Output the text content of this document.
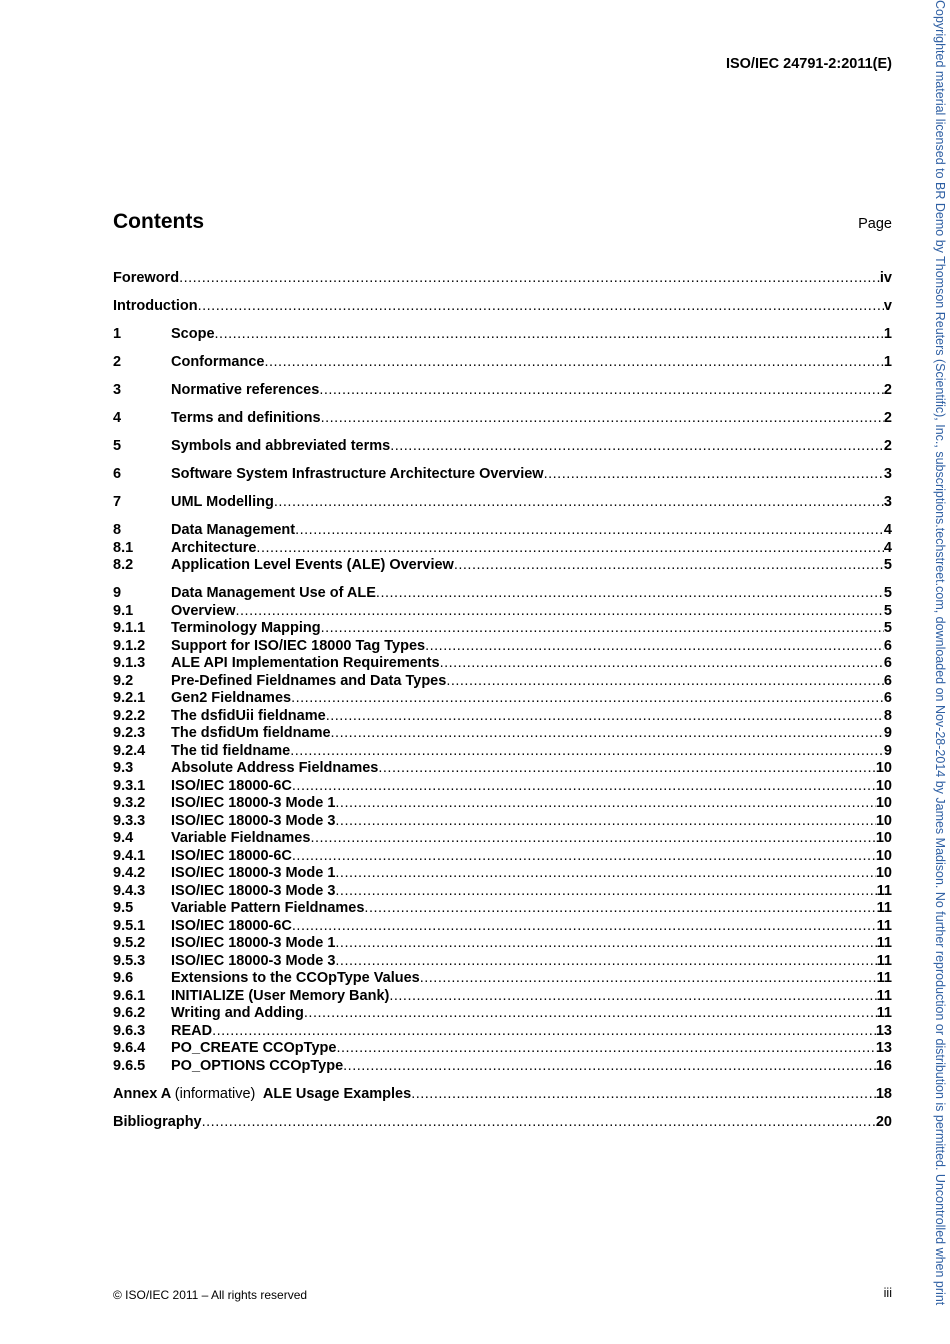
ISO/IEC 24791-2:2011(E)
Contents	Page
Foreword .....	iv
Introduction .....	v
1	Scope .....	1
2	Conformance .....	1
3	Normative references .....	2
4	Terms and definitions .....	2
5	Symbols and abbreviated terms .....	2
6	Software System Infrastructure Architecture Overview .....	3
7	UML Modelling .....	3
8	Data Management .....	4
8.1	Architecture .....	4
8.2	Application Level Events (ALE) Overview .....	5
9	Data Management Use of ALE .....	5
9.1	Overview .....	5
9.1.1	Terminology Mapping .....	5
9.1.2	Support for ISO/IEC 18000 Tag Types .....	6
9.1.3	ALE API Implementation Requirements .....	6
9.2	Pre-Defined Fieldnames and Data Types .....	6
9.2.1	Gen2 Fieldnames .....	6
9.2.2	The dsfidUii fieldname .....	8
9.2.3	The dsfidUm fieldname .....	9
9.2.4	The tid fieldname .....	9
9.3	Absolute Address Fieldnames .....	10
9.3.1	ISO/IEC 18000-6C .....	10
9.3.2	ISO/IEC 18000-3 Mode 1 .....	10
9.3.3	ISO/IEC 18000-3 Mode 3 .....	10
9.4	Variable Fieldnames .....	10
9.4.1	ISO/IEC 18000-6C .....	10
9.4.2	ISO/IEC 18000-3 Mode 1 .....	10
9.4.3	ISO/IEC 18000-3 Mode 3 .....	11
9.5	Variable Pattern Fieldnames .....	11
9.5.1	ISO/IEC 18000-6C .....	11
9.5.2	ISO/IEC 18000-3 Mode 1 .....	11
9.5.3	ISO/IEC 18000-3 Mode 3 .....	11
9.6	Extensions to the CCOpType Values .....	11
9.6.1	INITIALIZE (User Memory Bank) .....	11
9.6.2	Writing and Adding .....	11
9.6.3	READ .....	13
9.6.4	PO_CREATE CCOpType .....	13
9.6.5	PO_OPTIONS CCOpType .....	16
Annex A (informative) ALE Usage Examples .....	18
Bibliography .....	20
© ISO/IEC 2011 – All rights reserved	iii	Copyrighted material licensed to BR Demo by Thomson Reuters (Scientific), Inc., subscriptions.techstreet.com, downloaded on Nov-28-2014 by James Madison. No further reproduction or distribution is permitted. Uncontrolled when print
